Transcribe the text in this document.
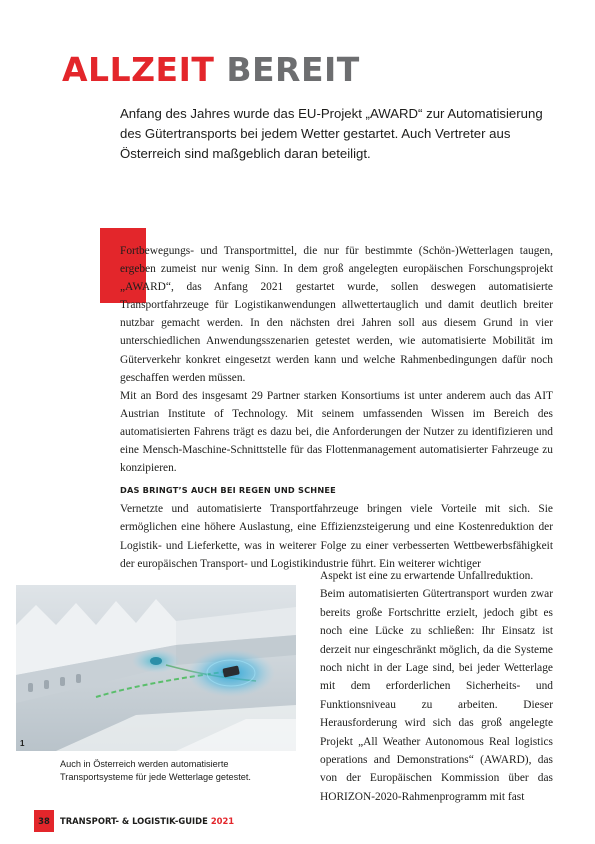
ALLZEIT BEREIT

Anfang des Jahres wurde das EU-Projekt „AWARD“ zur Automatisierung des Gütertransports bei jedem Wetter gestartet. Auch Vertreter aus Österreich sind maßgeblich daran beteiligt.

Fortbewegungs- und Transportmittel, die nur für bestimmte (Schön-)Wetterlagen taugen, ergeben zumeist nur wenig Sinn. In dem groß angelegten europäischen Forschungsprojekt „AWARD“, das Anfang 2021 gestartet wurde, sollen deswegen automatisierte Transportfahrzeuge für Logistikanwendungen allwettertauglich und damit deutlich breiter nutzbar gemacht werden. In den nächsten drei Jahren soll aus diesem Grund in vier unterschiedlichen Anwendungsszenarien getestet werden, wie automatisierte Mobilität im Güterverkehr konkret eingesetzt werden kann und welche Rahmenbedingungen dafür noch geschaffen werden müssen.

Mit an Bord des insgesamt 29 Partner starken Konsortiums ist unter anderem auch das AIT Austrian Institute of Technology. Mit seinem umfassenden Wissen im Bereich des automatisierten Fahrens trägt es dazu bei, die Anforderungen der Nutzer zu identifizieren und eine Mensch-Maschine-Schnittstelle für das Flottenmanagement automatisierter Fahrzeuge zu konzipieren.

DAS BRINGT’S AUCH BEI REGEN UND SCHNEE

Vernetzte und automatisierte Transportfahrzeuge bringen viele Vorteile mit sich. Sie ermöglichen eine höhere Auslastung, eine Effizienzsteigerung und eine Kostenreduktion der Logistik- und Lieferkette, was in weiterer Folge zu einer verbesserten Wettbewerbsfähigkeit der europäischen Transport- und Logistikindustrie führt. Ein weiterer wichtiger

Aspekt ist eine zu erwartende Unfallreduktion.

Beim automatisierten Gütertransport wurden zwar bereits große Fortschritte erzielt, jedoch gibt es noch eine Lücke zu schließen: Ihr Einsatz ist derzeit nur eingeschränkt möglich, da die Systeme noch nicht in der Lage sind, bei jeder Wetterlage mit dem erforderlichen Sicherheits- und Funktionsniveau zu arbeiten. Dieser Herausforderung wird sich das groß angelegte Projekt „All Weather Autonomous Real logistics operations and Demonstrations“ (AWARD), das von der Europäischen Kommission über das HORIZON-2020-Rahmenprogramm mit fast

1

Auch in Österreich werden automatisierte Transportsysteme für jede Wetterlage getestet.

38	TRANSPORT- & LOGISTIK-GUIDE 2021
